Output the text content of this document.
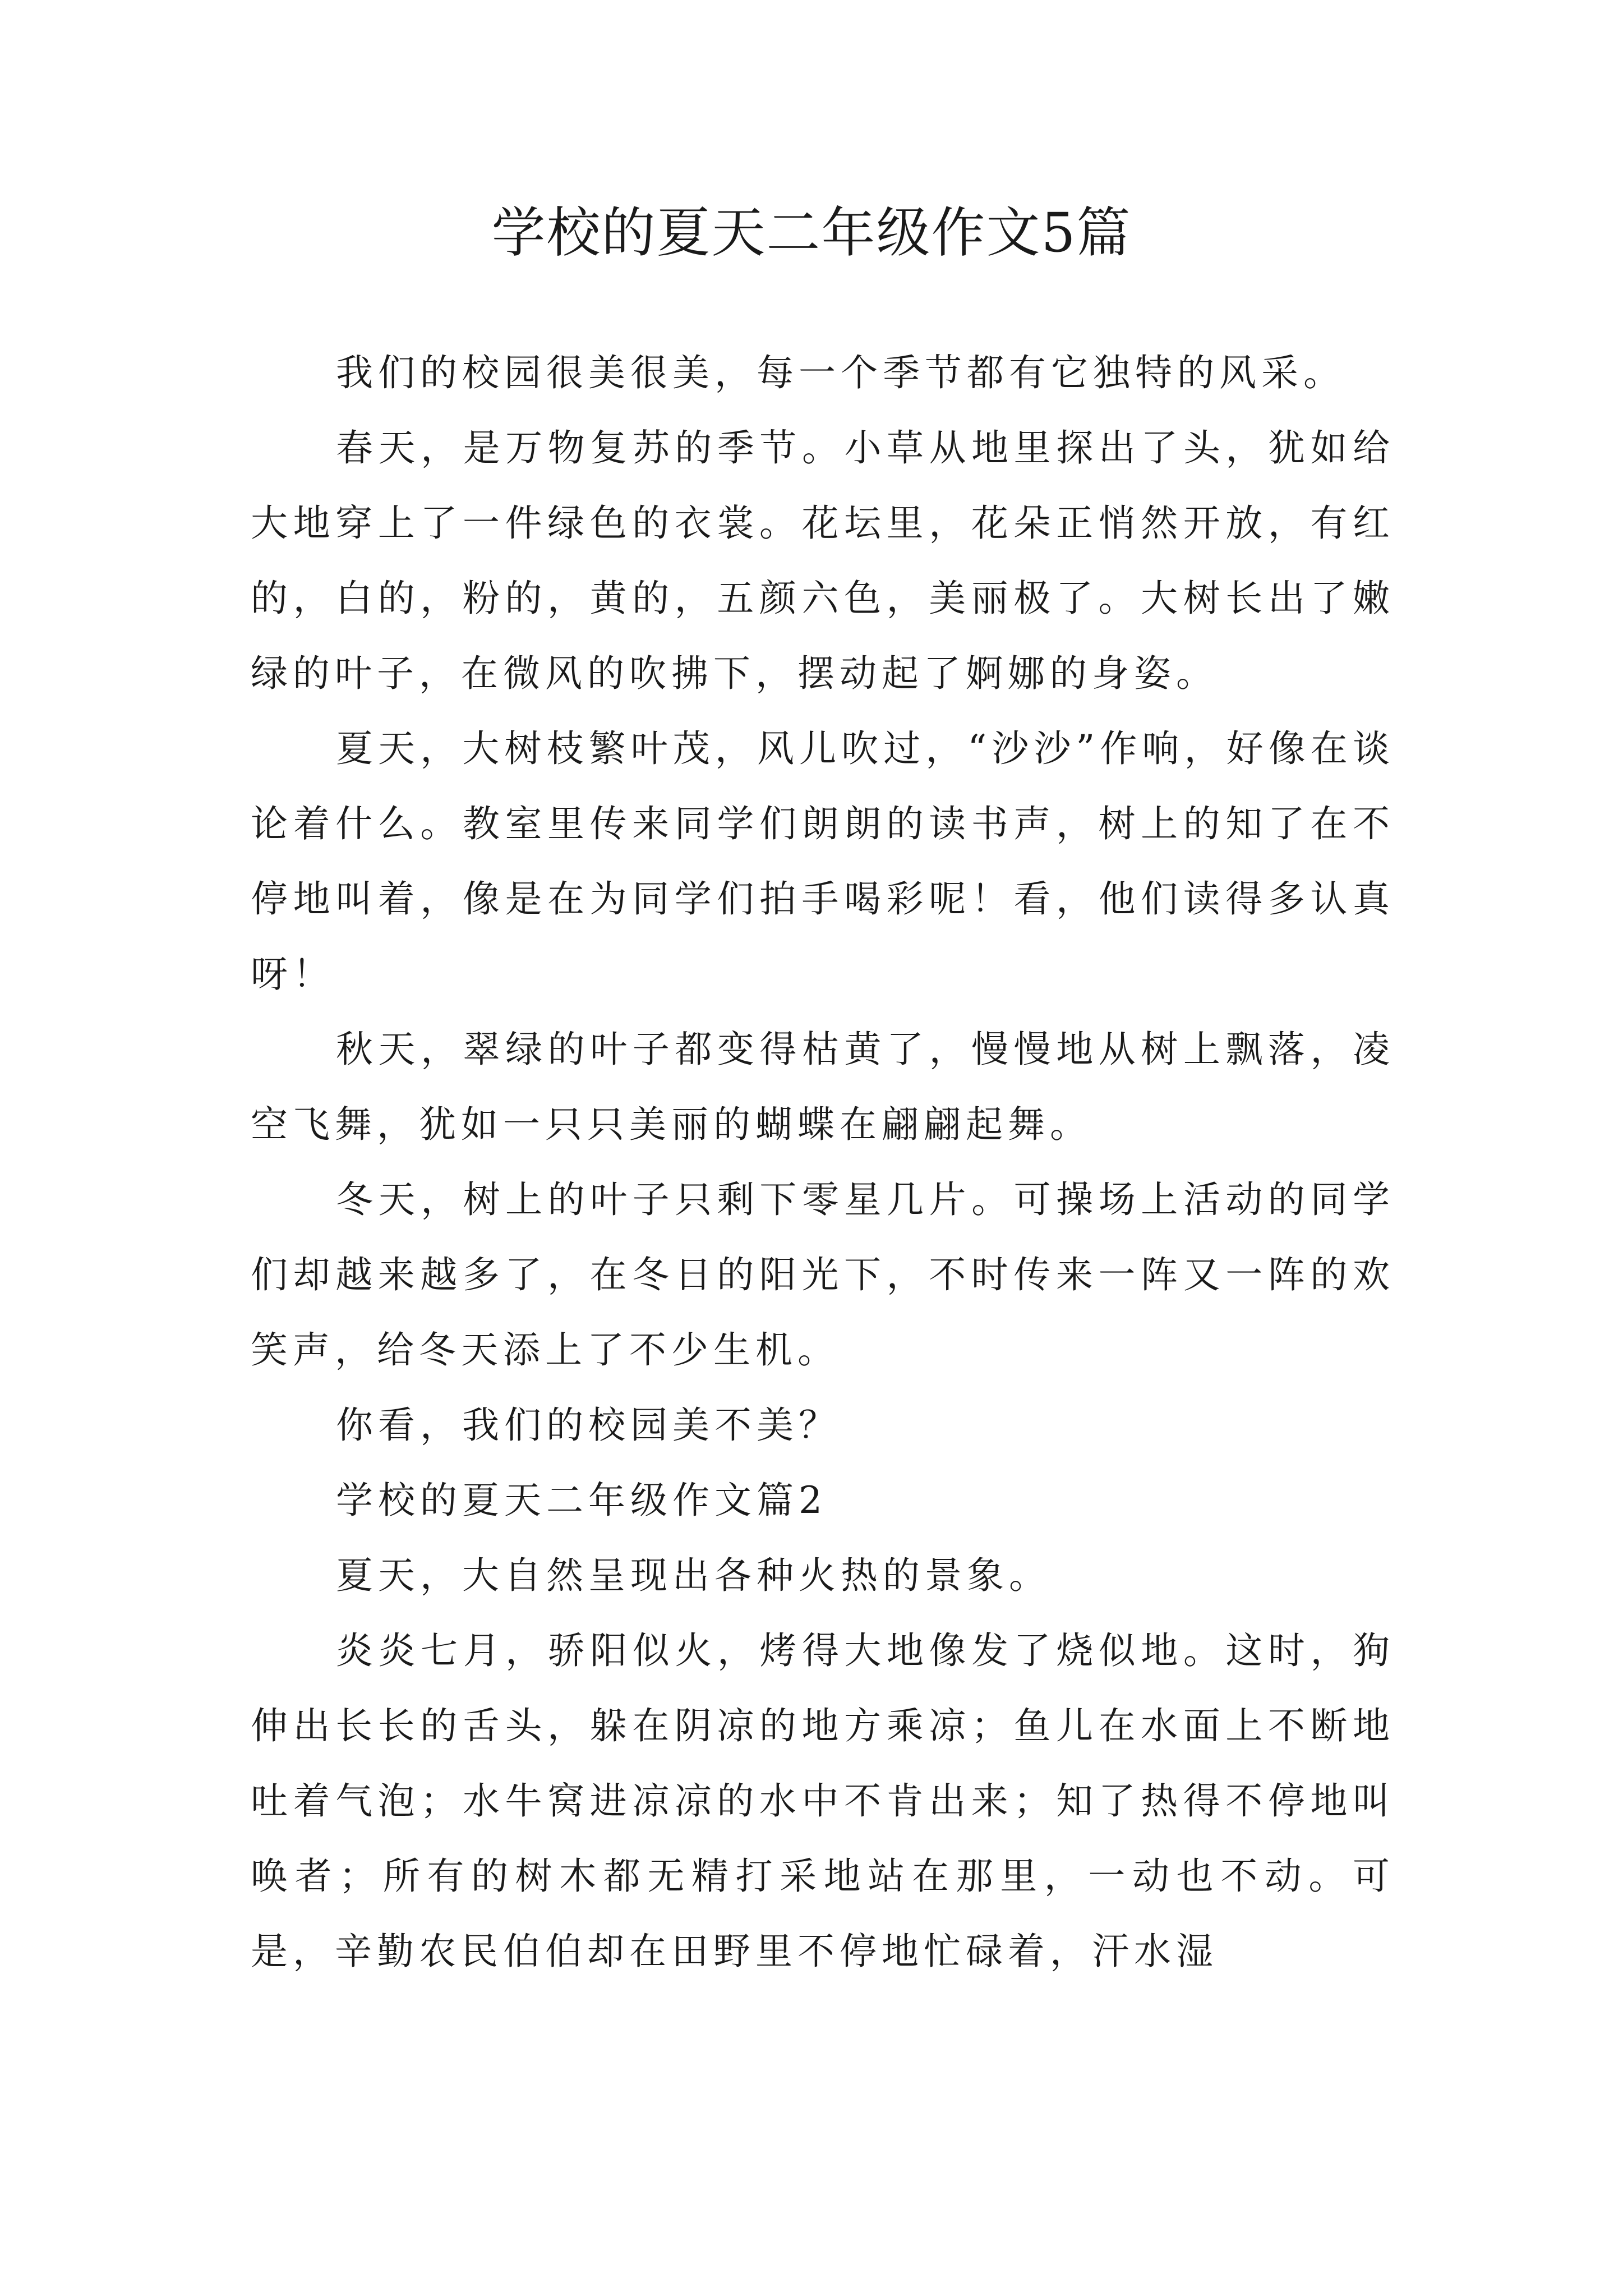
学校的夏天二年级作文5篇

我们的校园很美很美，每一个季节都有它独特的风采。

春天，是万物复苏的季节。小草从地里探出了头，犹如给大地穿上了一件绿色的衣裳。花坛里，花朵正悄然开放，有红的，白的，粉的，黄的，五颜六色，美丽极了。大树长出了嫩绿的叶子，在微风的吹拂下，摆动起了婀娜的身姿。

夏天，大树枝繁叶茂，风儿吹过，“沙沙”作响，好像在谈论着什么。教室里传来同学们朗朗的读书声，树上的知了在不停地叫着，像是在为同学们拍手喝彩呢！看，他们读得多认真呀！

秋天，翠绿的叶子都变得枯黄了，慢慢地从树上飘落，凌空飞舞，犹如一只只美丽的蝴蝶在翩翩起舞。

冬天，树上的叶子只剩下零星几片。可操场上活动的同学们却越来越多了，在冬日的阳光下，不时传来一阵又一阵的欢笑声，给冬天添上了不少生机。

你看，我们的校园美不美？

学校的夏天二年级作文篇2

夏天，大自然呈现出各种火热的景象。

炎炎七月，骄阳似火，烤得大地像发了烧似地。这时，狗伸出长长的舌头，躲在阴凉的地方乘凉；鱼儿在水面上不断地吐着气泡；水牛窝进凉凉的水中不肯出来；知了热得不停地叫唤者；所有的树木都无精打采地站在那里，一动也不动。可是，辛勤农民伯伯却在田野里不停地忙碌着，汗水湿
